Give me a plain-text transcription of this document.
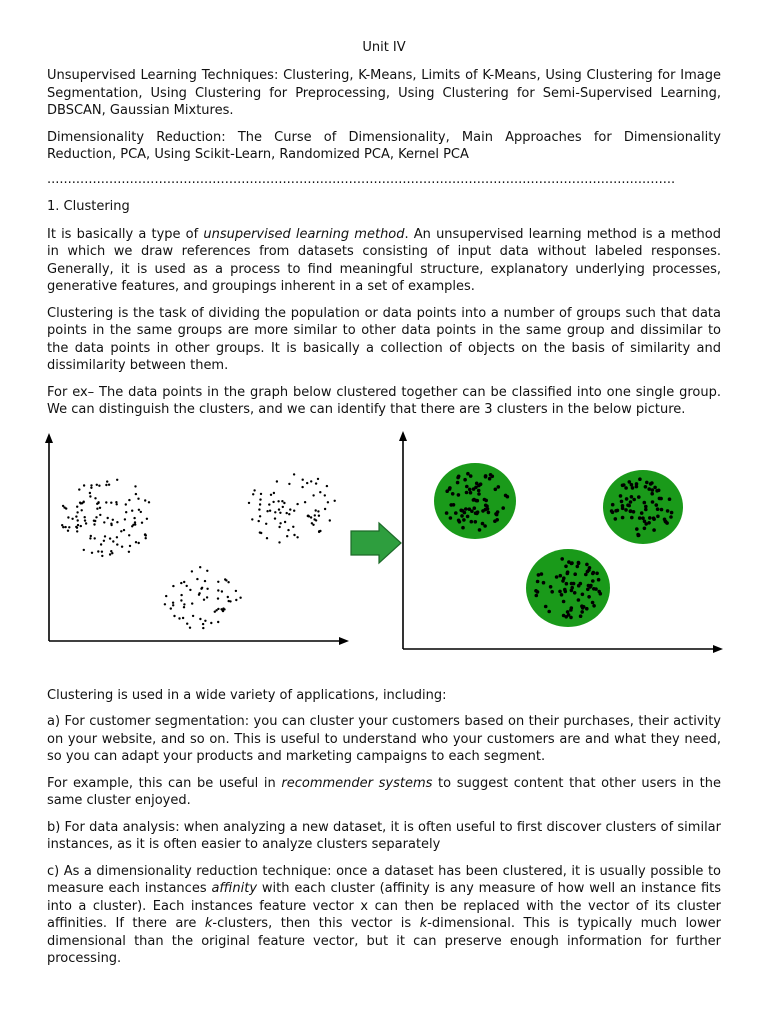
Unit IV

Unsupervised Learning Techniques: Clustering, K-Means, Limits of K-Means, Using Clustering for Image Segmentation, Using Clustering for Preprocessing, Using Clustering for Semi-Supervised Learning, DBSCAN, Gaussian Mixtures.

Dimensionality Reduction: The Curse of Dimensionality, Main Approaches for Dimensionality Reduction, PCA, Using Scikit-Learn, Randomized PCA, Kernel PCA

........................................................................................................................................................
1. Clustering

It is basically a type of unsupervised learning method. An unsupervised learning method is a method in which we draw references from datasets consisting of input data without labeled responses. Generally, it is used as a process to find meaningful structure, explanatory underlying processes, generative features, and groupings inherent in a set of examples.

Clustering is the task of dividing the population or data points into a number of groups such that data points in the same groups are more similar to other data points in the same group and dissimilar to the data points in other groups. It is basically a collection of objects on the basis of similarity and dissimilarity between them.

For ex– The data points in the graph below clustered together can be classified into one single group. We can distinguish the clusters, and we can identify that there are 3 clusters in the below picture.

Clustering is used in a wide variety of applications, including:

a) For customer segmentation: you can cluster your customers based on their purchases, their activity on your website, and so on. This is useful to understand who your customers are and what they need, so you can adapt your products and marketing campaigns to each segment.

For example, this can be useful in recommender systems to suggest content that other users in the same cluster enjoyed.

b) For data analysis: when analyzing a new dataset, it is often useful to first discover clusters of similar instances, as it is often easier to analyze clusters separately

c) As a dimensionality reduction technique: once a dataset has been clustered, it is usually possible to measure each instances affinity with each cluster (affinity is any measure of how well an instance fits into a cluster). Each instances feature vector x can then be replaced with the vector of its cluster affinities. If there are k-clusters, then this vector is k-dimensional. This is typically much lower dimensional than the original feature vector, but it can preserve enough information for further processing.
